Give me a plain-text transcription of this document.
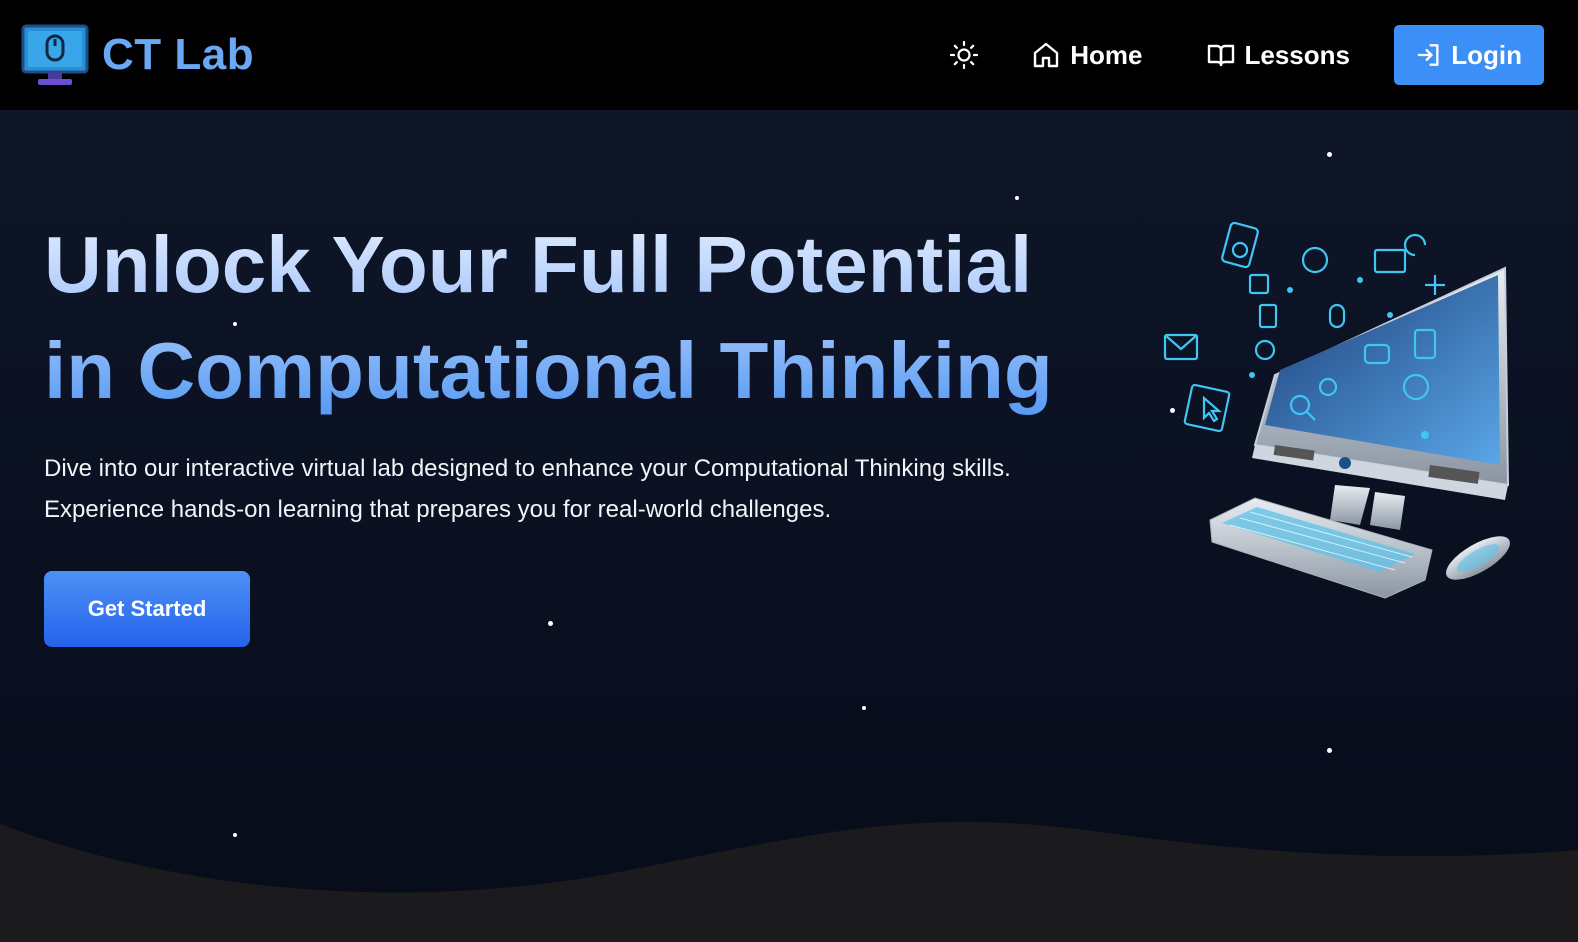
CT Lab	Home	Lessons	Login
Unlock Your Full Potential
in Computational Thinking

Dive into our interactive virtual lab designed to enhance your Computational Thinking skills.
Experience hands-on learning that prepares you for real-world challenges.

Get Started
